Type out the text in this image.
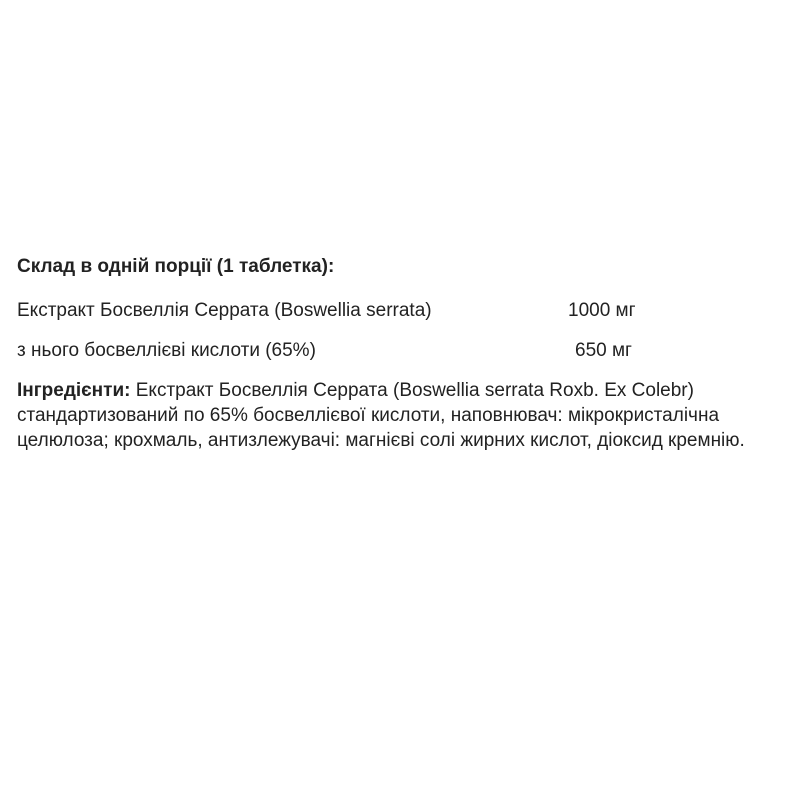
Склад в одній порції (1 таблетка):
Екстракт Босвеллія Серрата (Boswellia serrata)	1000 мг
з нього босвеллієві кислоти (65%)	650 мг

Інгредієнти: Екстракт Босвеллія Серрата (Boswellia serrata Roxb. Ex Colebr) стандартизований по 65% босвеллієвої кислоти, наповнювач: мікрокристалічна целюлоза; крохмаль, антизлежувачі: магнієві солі жирних кислот, діоксид кремнію.
